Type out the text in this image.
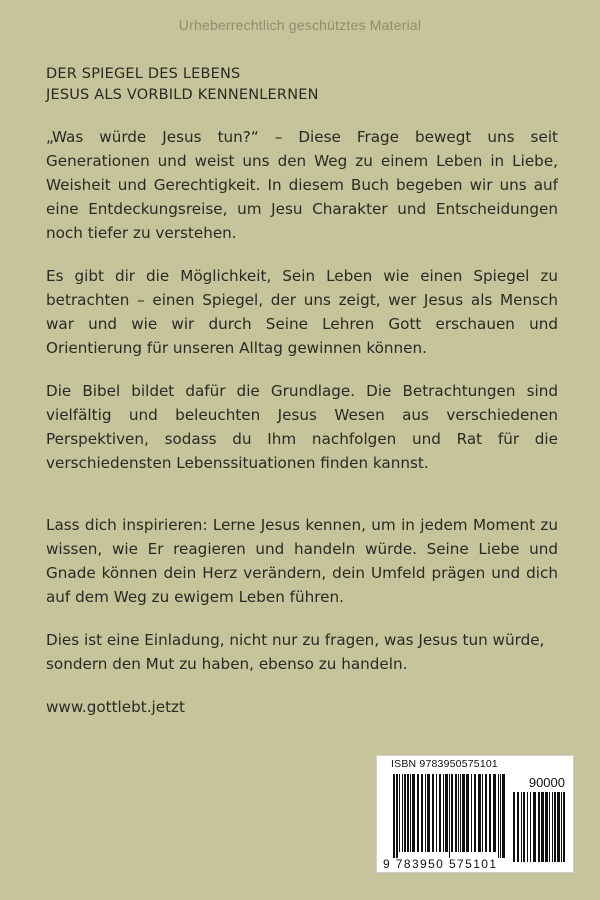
Urheberrechtlich geschütztes Material
DER SPIEGEL DES LEBENS
JESUS ALS VORBILD KENNENLERNEN

„Was würde Jesus tun?“ – Diese Frage bewegt uns seit Generationen und weist uns den Weg zu einem Leben in Liebe, Weisheit und Gerechtigkeit. In diesem Buch begeben wir uns auf eine Entdeckungsreise, um Jesu Charakter und Entscheidungen noch tiefer zu verstehen.

Es gibt dir die Möglichkeit, Sein Leben wie einen Spiegel zu betrachten – einen Spiegel, der uns zeigt, wer Jesus als Mensch war und wie wir durch Seine Lehren Gott erschauen und Orientierung für unseren Alltag gewinnen können.

Die Bibel bildet dafür die Grundlage. Die Betrachtungen sind vielfältig und beleuchten Jesus Wesen aus verschiedenen Perspektiven, sodass du Ihm nachfolgen und Rat für die verschiedensten Lebenssituationen finden kannst.

Lass dich inspirieren: Lerne Jesus kennen, um in jedem Moment zu wissen, wie Er reagieren und handeln würde. Seine Liebe und Gnade können dein Herz verändern, dein Umfeld prägen und dich auf dem Weg zu ewigem Leben führen.

Dies ist eine Einladung, nicht nur zu fragen, was Jesus tun würde, sondern den Mut zu haben, ebenso zu handeln.

www.gottlebt.jetzt
ISBN 9783950575101
90000
9 783950 575101
